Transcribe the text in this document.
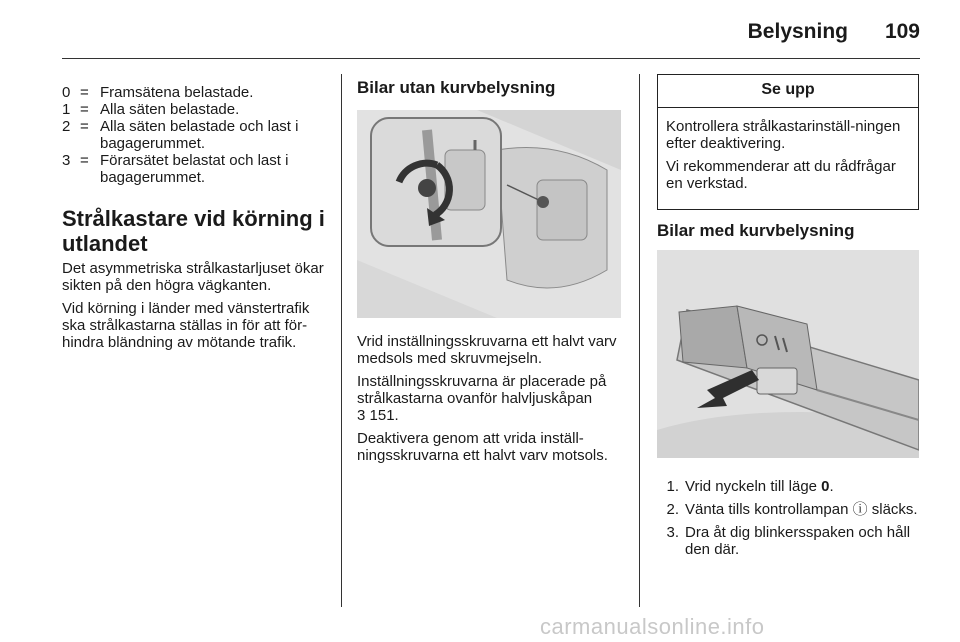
Belysning	109
0 = Framsätena belastade.
1 = Alla säten belastade.
2 = Alla säten belastade och last i bagagerummet.
3 = Förarsätet belastat och last i bagagerummet.
Strålkastare vid körning i utlandet

Det asymmetriska strålkastarljuset ökar sikten på den högra vägkanten.

Vid körning i länder med vänstertrafik ska strålkastarna ställas in för att för-hindra bländning av mötande trafik.

Bilar utan kurvbelysning

Vrid inställningsskruvarna ett halvt varv medsols med skruvmejseln.

Inställningsskruvarna är placerade på strålkastarna ovanför halvljuskåpan
3 151.

Deaktivera genom att vrida inställ-ningsskruvarna ett halvt varv motsols.

Se upp

Kontrollera strålkastarinställ-ningen efter deaktivering.

Vi rekommenderar att du rådfrågar en verkstad.

Bilar med kurvbelysning
1. Vrid nyckeln till läge 0.
2. Vänta tills kontrollampan ⓘ släcks.
3. Dra åt dig blinkersspaken och håll den där.
carmanualsonline.info
